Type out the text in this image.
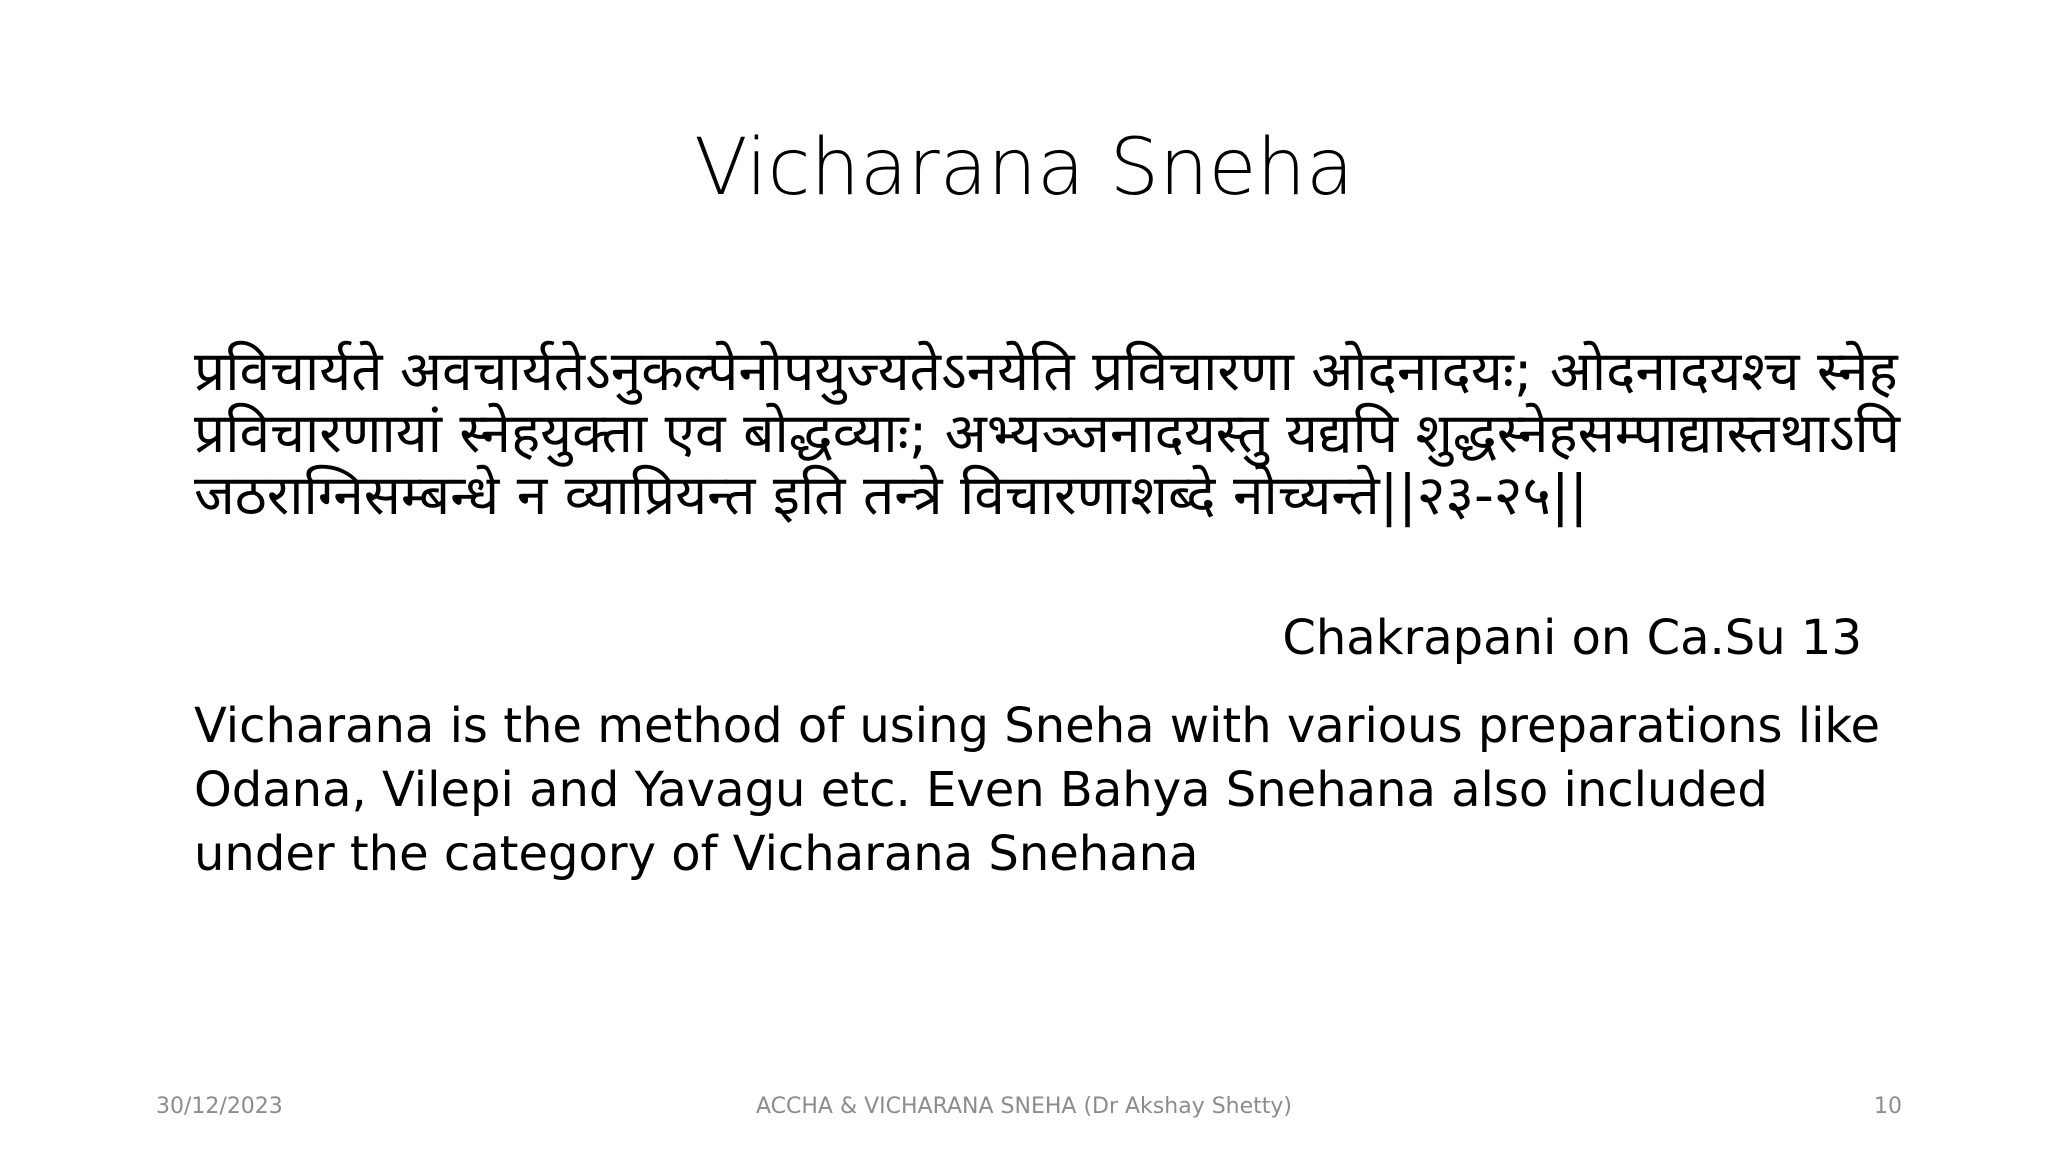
Vicharana Sneha
प्रविचार्यते अवचार्यतेऽनुकल्पेनोपयुज्यतेऽनयेति प्रविचारणा ओदनादयः; ओदनादयश्च स्नेहप्रविचारणायां स्नेहयुक्ता एव बोद्धव्याः; अभ्यञ्जनादयस्तु यद्यपि शुद्धस्नेहसम्पाद्यास्तथाऽपि जठराग्निसम्बन्धे न व्याप्रियन्त इति तन्त्रे विचारणाशब्दे नोच्यन्ते||२३-२५||
Chakrapani on Ca.Su 13
Vicharana is the method of using Sneha with various preparations like Odana, Vilepi and Yavagu etc. Even Bahya Snehana also included under the category of Vicharana Snehana
30/12/2023	ACCHA & VICHARANA SNEHA (Dr Akshay Shetty)	10
